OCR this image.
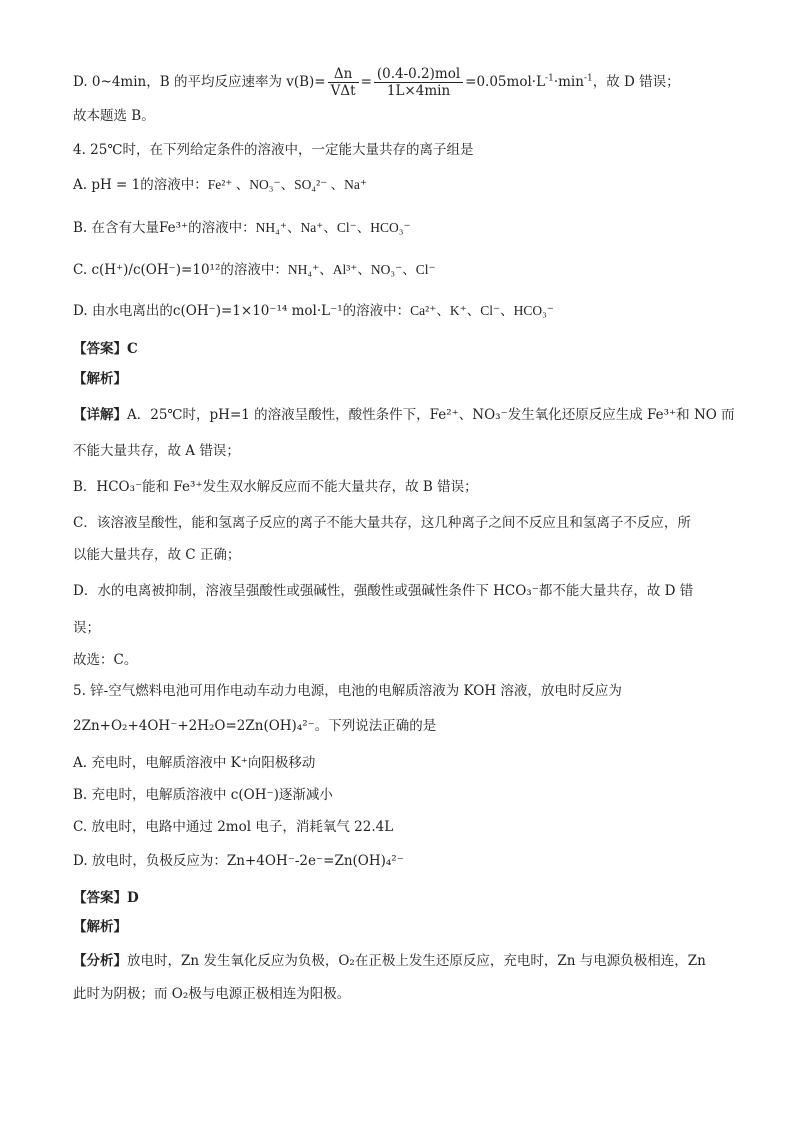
D. 0~4min，B 的平均反应速率为 $v(B)= \frac{\Delta n}{\text{VΔt}} = \frac{\text{(0.4-0.2)mol}}{1L\times 4\min} =0.05mol\cdot L^{-1}\cdot\min^{-1}$，故 D 错误；
故本题选 B。
4. 25℃时，在下列给定条件的溶液中，一定能大量共存的离子组是
A. pH = 1的溶液中：Fe²⁺ 、NO₃⁻、SO₄²⁻ 、Na⁺
B. 在含有大量Fe³⁺的溶液中：NH₄⁺、Na⁺、Cl⁻、HCO₃⁻
C. c(H⁺)/c(OH⁻)=10¹²的溶液中：NH₄⁺、Al³⁺、NO₃⁻、Cl⁻
D. 由水电离出的c(OH⁻)=1×10⁻¹⁴ mol·L⁻¹的溶液中：Ca²⁺、K⁺、Cl⁻、HCO₃⁻
【答案】C
【解析】
【详解】A．25℃时，pH=1 的溶液呈酸性，酸性条件下，Fe²⁺、NO₃⁻发生氧化还原反应生成 Fe³⁺和 NO 而
不能大量共存，故 A 错误；
B．HCO₃⁻能和 Fe³⁺发生双水解反应而不能大量共存，故 B 错误；
C．该溶液呈酸性，能和氢离子反应的离子不能大量共存，这几种离子之间不反应且和氢离子不反应，所
以能大量共存，故 C 正确；
D．水的电离被抑制，溶液呈强酸性或强碱性，强酸性或强碱性条件下 HCO₃⁻都不能大量共存，故 D 错
误；
故选：C。
5. 锌-空气燃料电池可用作电动车动力电源，电池的电解质溶液为 KOH 溶液，放电时反应为
2Zn+O₂+4OH⁻+2H₂O=2Zn(OH)₄²⁻。下列说法正确的是
A. 充电时，电解质溶液中 K⁺向阳极移动
B. 充电时，电解质溶液中 c(OH⁻)逐渐减小
C. 放电时，电路中通过 2mol 电子，消耗氧气 22.4L
D. 放电时，负极反应为：Zn+4OH⁻-2e⁻=Zn(OH)₄²⁻
【答案】D
【解析】
【分析】放电时，Zn 发生氧化反应为负极，O₂在正极上发生还原反应，充电时，Zn 与电源负极相连，Zn
此时为阴极；而 O₂极与电源正极相连为阳极。
